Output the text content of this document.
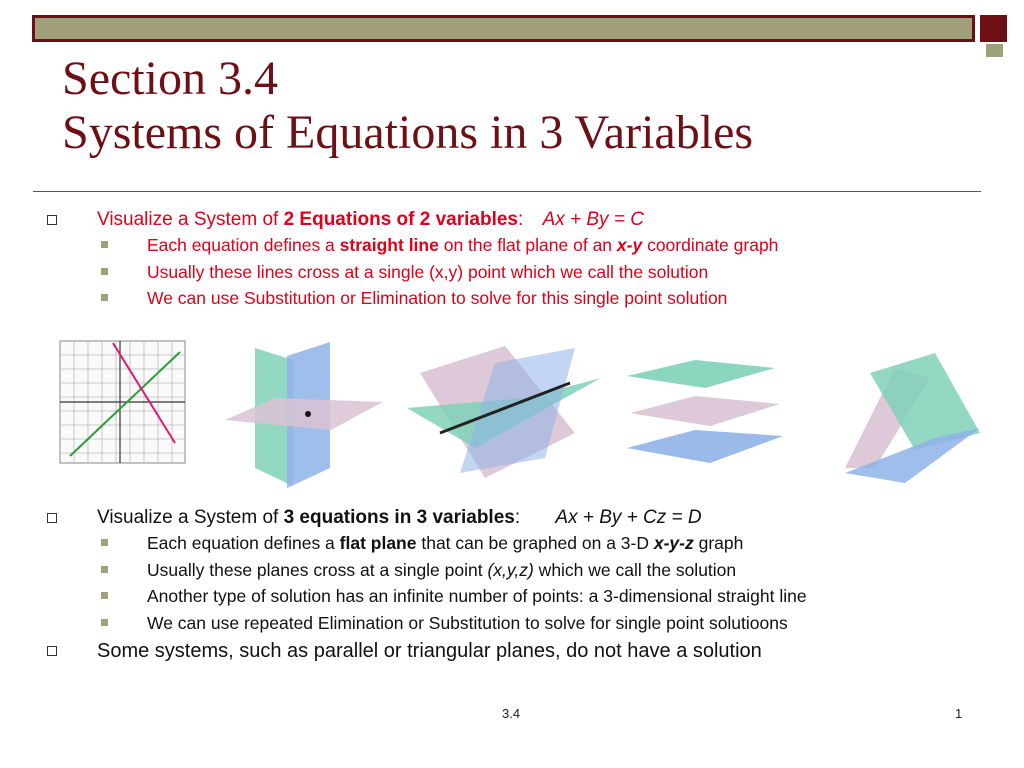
Section 3.4
Systems of Equations in 3 Variables
Visualize a System of 2 Equations of 2 variables: Ax + By = C
Each equation defines a straight line on the flat plane of an x-y coordinate graph
Usually these lines cross at a single (x,y) point which we call the solution
We can use Substitution or Elimination to solve for this single point solution
Visualize a System of 3 equations in 3 variables: Ax + By + Cz = D
Each equation defines a flat plane that can be graphed on a 3-D x-y-z graph
Usually these planes cross at a single point (x,y,z) which we call the solution
Another type of solution has an infinite number of points: a 3-dimensional straight line
We can use repeated Elimination or Substitution to solve for single point solutioons
Some systems, such as parallel or triangular planes, do not have a solution
3.4	1
